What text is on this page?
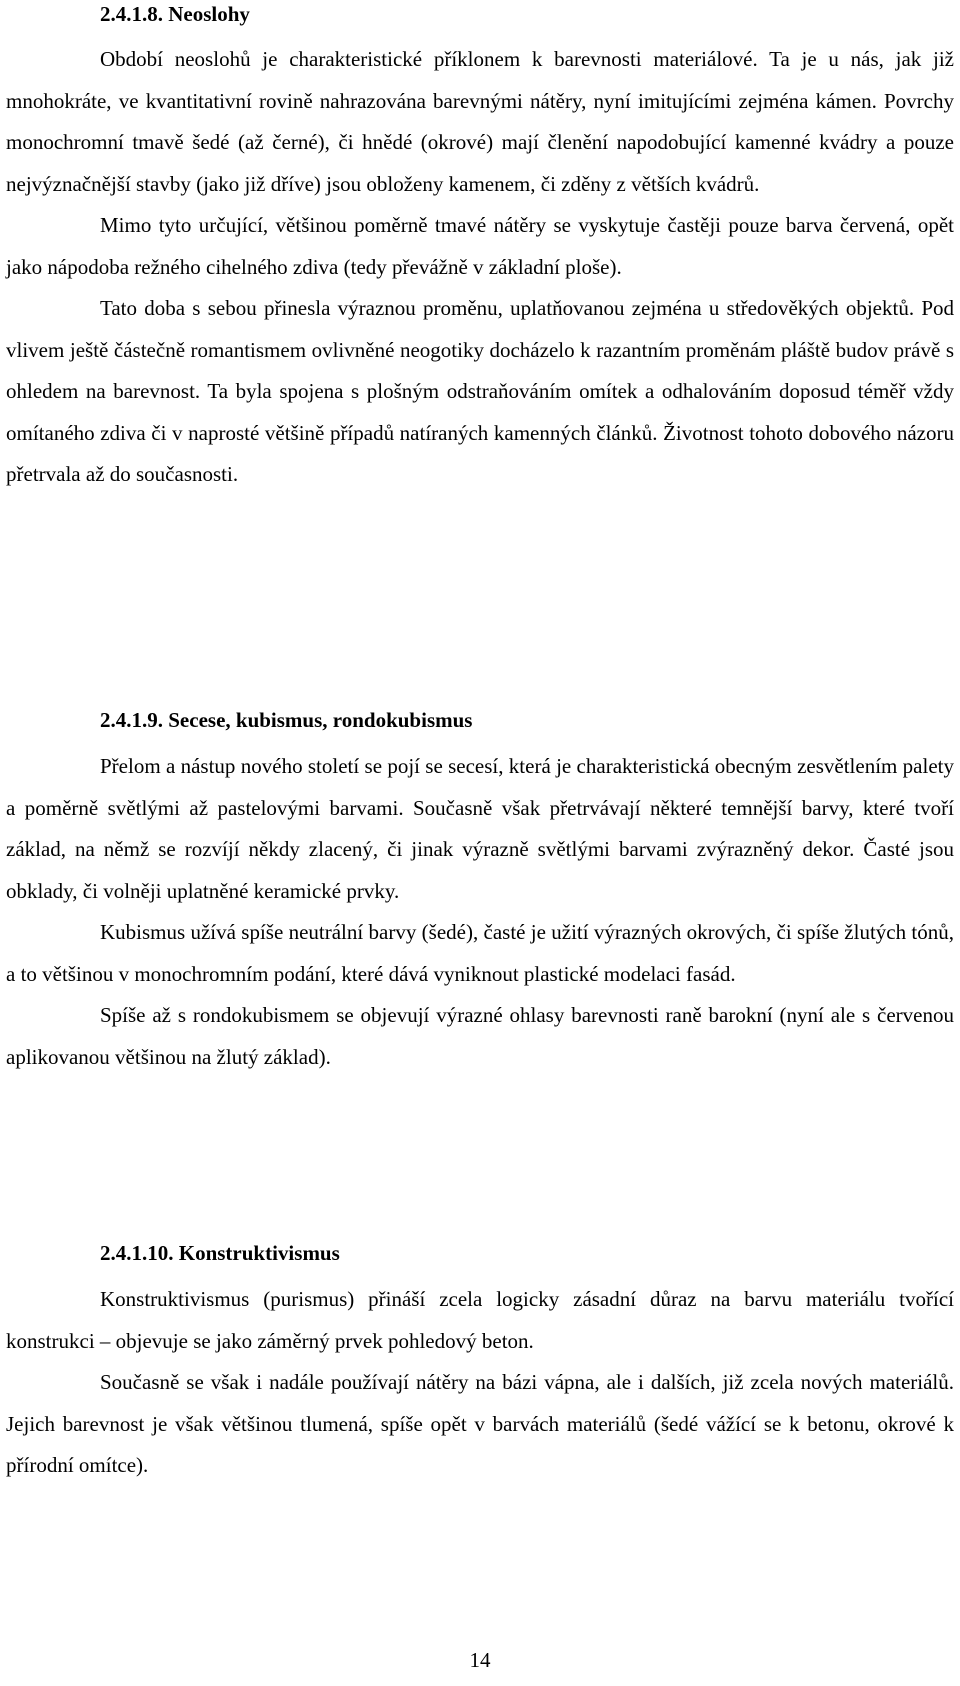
2.4.1.8. Neoslohy

Období neoslohů je charakteristické příklonem k barevnosti materiálové. Ta je u nás, jak již mnohokráte, ve kvantitativní rovině nahrazována barevnými nátěry, nyní imitujícími zejména kámen. Povrchy monochromní tmavě šedé (až černé), či hnědé (okrové) mají členění napodobující kamenné kvádry a pouze nejvýznačnější stavby (jako již dříve) jsou obloženy kamenem, či zděny z větších kvádrů.

Mimo tyto určující, většinou poměrně tmavé nátěry se vyskytuje častěji pouze barva červená, opět jako nápodoba režného cihelného zdiva (tedy převážně v základní ploše).

Tato doba s sebou přinesla výraznou proměnu, uplatňovanou zejména u středověkých objektů. Pod vlivem ještě částečně romantismem ovlivněné neogotiky docházelo k razantním proměnám pláště budov právě s ohledem na barevnost. Ta byla spojena s plošným odstraňováním omítek a odhalováním doposud téměř vždy omítaného zdiva či v naprosté většině případů natíraných kamenných článků. Životnost tohoto dobového názoru přetrvala až do současnosti.

2.4.1.9. Secese, kubismus, rondokubismus

Přelom a nástup nového století se pojí se secesí, která je charakteristická obecným zesvětlením palety a poměrně světlými až pastelovými barvami. Současně však přetrvávají některé temnější barvy, které tvoří základ, na němž se rozvíjí někdy zlacený, či jinak výrazně světlými barvami zvýrazněný dekor. Časté jsou obklady, či volněji uplatněné keramické prvky.

Kubismus užívá spíše neutrální barvy (šedé), časté je užití výrazných okrových, či spíše žlutých tónů, a to většinou v monochromním podání, které dává vyniknout plastické modelaci fasád.

Spíše až s rondokubismem se objevují výrazné ohlasy barevnosti raně barokní (nyní ale s červenou aplikovanou většinou na žlutý základ).

2.4.1.10. Konstruktivismus

Konstruktivismus (purismus) přináší zcela logicky zásadní důraz na barvu materiálu tvořící konstrukci – objevuje se jako záměrný prvek pohledový beton.

Současně se však i nadále používají nátěry na bázi vápna, ale i dalších, již zcela nových materiálů. Jejich barevnost je však většinou tlumená, spíše opět v barvách materiálů (šedé vážící se k betonu, okrové k přírodní omítce).

14
